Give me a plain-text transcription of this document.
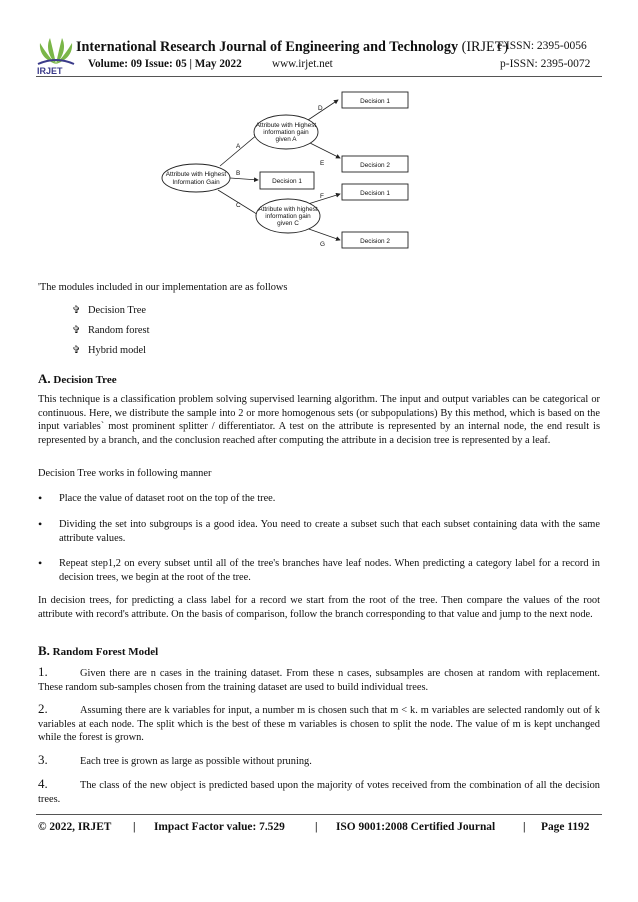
IRJET
International Research Journal of Engineering and Technology (IRJET)
e-ISSN: 2395-0056
Volume: 09 Issue: 05 | May 2022	www.irjet.net	p-ISSN: 2395-0072
Attribute with Highest
Information Gain
Attribute with Highest
information gain
given A
Attribute with highest
information gain
given C
Decision 1
Decision 1
Decision 2
Decision 1
Decision 2
A
B
C
D
E
F
G
'The modules included in our implementation are as follows
✞ Decision Tree
✞ Random forest
✞ Hybrid model
A. Decision Tree
This technique is a classification problem solving supervised learning algorithm. The input and output variables can be categorical or continuous. Here, we distribute the sample into 2 or more homogenous sets (or subpopulations) By this method, which is based on the input variables` most prominent splitter / differentiator. A test on the attribute is represented by an internal node, the end result is represented by a branch, and the conclusion reached after computing the attribute in a decision tree is represented by a leaf.
Decision Tree works in following manner
• Place the value of dataset root on the top of the tree.
• Dividing the set into subgroups is a good idea. You need to create a subset such that each subset containing data with the same attribute values.
• Repeat step1,2 on every subset until all of the tree's branches have leaf nodes. When predicting a category label for a record in decision trees, we begin at the root of the tree.
In decision trees, for predicting a class label for a record we start from the root of the tree. Then compare the values of the root attribute with record's attribute. On the basis of comparison, follow the branch corresponding to that value and jump to the next node.
B. Random Forest Model
1.	Given there are n cases in the training dataset. From these n cases, subsamples are chosen at random with replacement. These random sub-samples chosen from the training dataset are used to build individual trees.
2.	Assuming there are k variables for input, a number m is chosen such that m < k. m variables are selected randomly out of k variables at each node. The split which is the best of these m variables is chosen to split the node. The value of m is kept unchanged while the forest is grown.
3.	Each tree is grown as large as possible without pruning.
4.	The class of the new object is predicted based upon the majority of votes received from the combination of all the decision trees.
© 2022, IRJET | Impact Factor value: 7.529	| ISO 9001:2008 Certified Journal | Page 1192
